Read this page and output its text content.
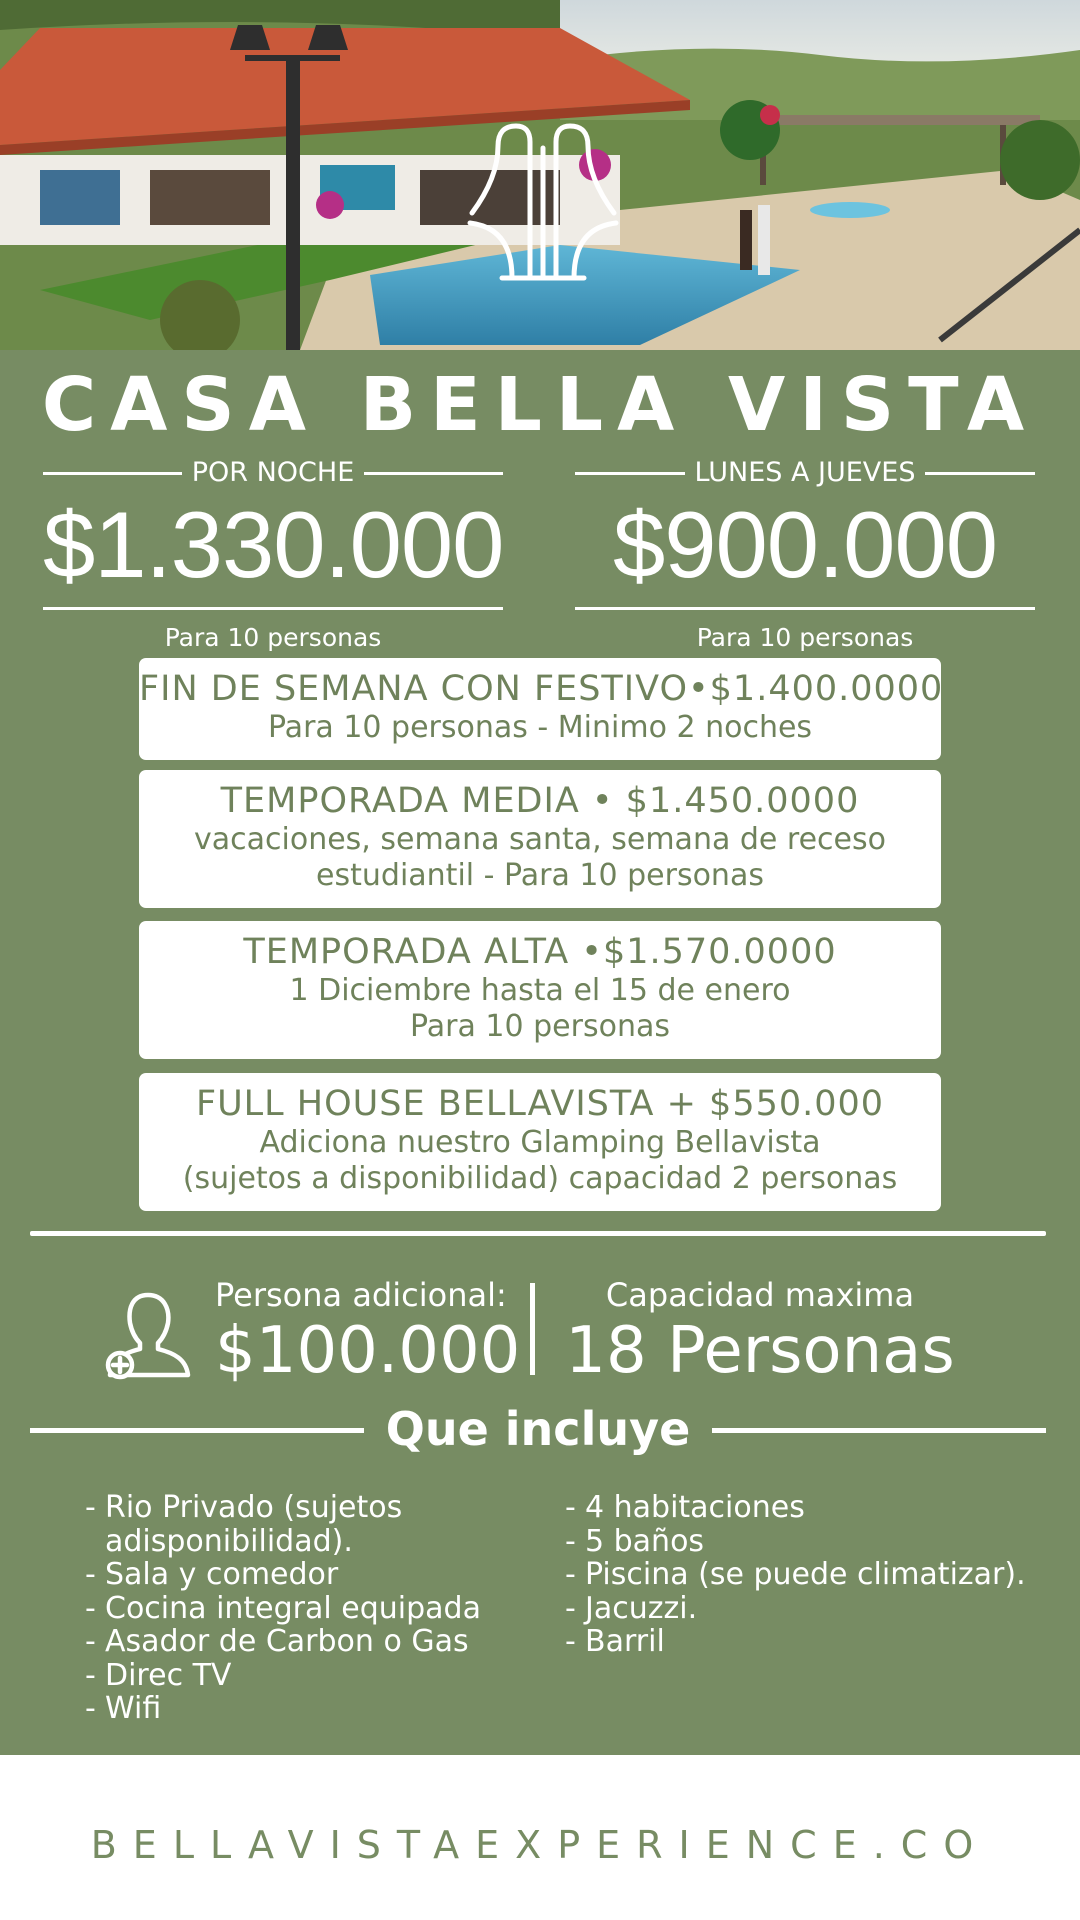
CASA BELLA VISTA
POR NOCHE
$1.330.000
Para 10 personas
LUNES A JUEVES
$900.000
Para 10 personas
FIN DE SEMANA CON FESTIVO•$1.400.0000
Para 10 personas - Minimo 2 noches
TEMPORADA MEDIA • $1.450.0000
vacaciones, semana santa, semana de receso
estudiantil - Para 10 personas
TEMPORADA ALTA •$1.570.0000
1 Diciembre hasta el 15 de enero
Para 10 personas
FULL HOUSE BELLAVISTA + $550.000
Adiciona nuestro Glamping Bellavista
(sujetos a disponibilidad) capacidad 2 personas
Persona adicional:
$100.000
Capacidad maxima
18 Personas
Que incluye
- Rio Privado (sujetos
adisponibilidad).
- Sala y comedor
- Cocina integral equipada
- Asador de Carbon o Gas
- Direc TV
- Wifi
- 4 habitaciones
- 5 baños
- Piscina (se puede climatizar).
- Jacuzzi.
- Barril
BELLAVISTAEXPERIENCE.CO
